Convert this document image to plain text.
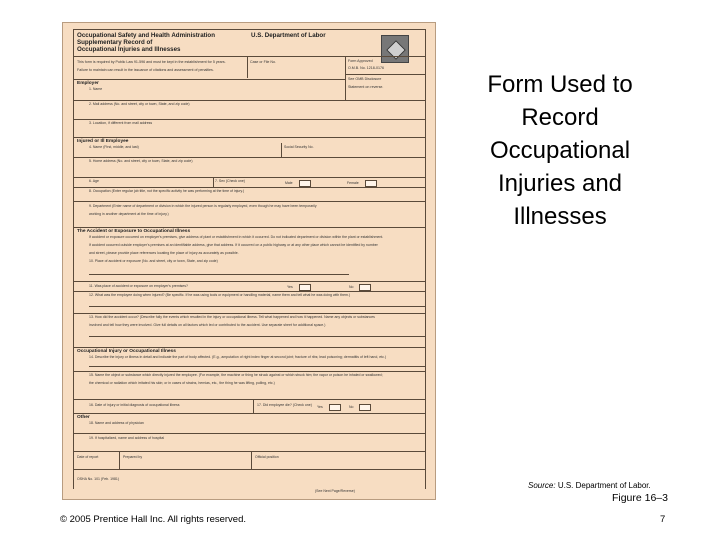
Occupational Safety and Health Administration
Supplementary Record of
Occupational Injuries and Illnesses
U.S. Department of Labor
This form is required by Public Law 91-596 and must be kept in the establishment for 5 years.
Failure to maintain can result in the issuance of citations and assessment of penalties.
Case or File No.	Form Approved
O.M.B. No. 1218-0176
See OMB Disclosure
Statement on reverse.
Employer
1. Name
2. Mail address (No. and street, city or town, State, and zip code)
3. Location, if different from mail address
Injured or Ill Employee
4. Name (First, middle, and last)	Social Security No.
5. Home address (No. and street, city or town, State, and zip code)
6. Age	7. Sex (Check one)	Male	Female
8. Occupation (Enter regular job title, not the specific activity he was performing at the time of injury.)
9. Department (Enter name of department or division in which the injured person is regularly employed, even though he may have been temporarily
working in another department at the time of injury.)
The Accident or Exposure to Occupational Illness
If accident or exposure occurred on employer's premises, give address of plant or establishment in which it occurred. Do not indicated department or division within the plant or establishment.
If accident occurred outside employer's premises at an identifiable address, give that address. If it occurred on a public highway or at any other place which cannot be identified by number
and street, please provide place references locating the place of injury as accurately as possible.
10. Place of accident or exposure (No. and street, city or town, State, and zip code)
11. Was place of accident or exposure on employer's premises?	Yes	No
12. What was the employee doing when injured? (Be specific. If he was using tools or equipment or handling material, name them and tell what he was doing with them.)
13. How did the accident occur? (Describe fully the events which resulted in the injury or occupational illness. Tell what happened and how it happened. Name any objects or substances
involved and tell how they were involved. Give full details on all factors which led or contributed to the accident. Use separate sheet for additional space.)
Occupational Injury or Occupational Illness
14. Describe the injury or illness in detail and indicate the part of body affected. (E.g., amputation of right index finger at second joint; fracture of ribs; lead poisoning; dermatitis of left hand, etc.)
15. Name the object or substance which directly injured the employee. (For example, the machine or thing he struck against or which struck him; the vapor or poison he inhaled or swallowed;
the chemical or radiation which irritated his skin; or in cases of strains, hernias, etc., the thing he was lifting, pulling, etc.)
16. Date of injury or initial diagnosis of occupational illness	17. Did employee die? (Check one) Yes	No
Other
18. Name and address of physician
19. If hospitalized, name and address of hospital
Date of report	Prepared by	Official position
OSHA No. 101 (Feb. 1981)
(See Next Page/Reverse)
Form Used to
Record
Occupational
Injuries and
Illnesses
Source: U.S. Department of Labor.
Figure 16–3
© 2005 Prentice Hall Inc. All rights reserved.	7
